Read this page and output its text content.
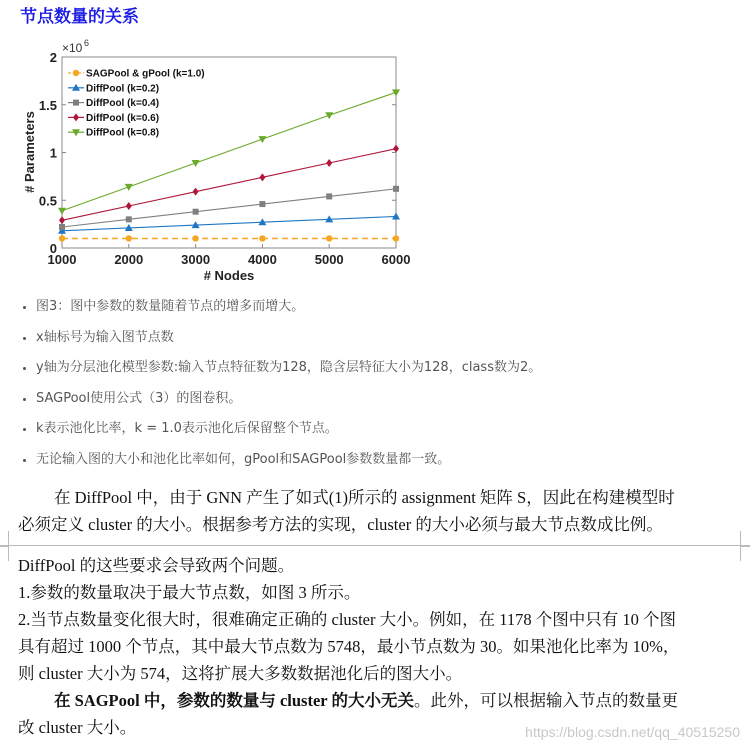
节点数量的关系
1000	2000	3000	4000	5000	6000
0
0.5
1
1.5
2
×10 6
# Nodes
# Parameters
SAGPool & gPool (k=1.0)
DiffPool (k=0.2)
DiffPool (k=0.4)
DiffPool (k=0.6)
DiffPool (k=0.8)
• 图3：图中参数的数量随着节点的增多而增大。
• x轴标号为输入图节点数
• y轴为分层池化模型参数:输入节点特征数为128，隐含层特征大小为128，class数为2。
• SAGPool使用公式（3）的图卷积。
• k表示池化比率，k = 1.0表示池化后保留整个节点。
• 无论输入图的大小和池化比率如何，gPool和SAGPool参数数量都一致。
在 DiffPool 中，由于 GNN 产生了如式(1)所示的 assignment 矩阵 S，因此在构建模型时
必须定义 cluster 的大小。根据参考方法的实现，cluster 的大小必须与最大节点数成比例。
DiffPool 的这些要求会导致两个问题。
1.参数的数量取决于最大节点数，如图 3 所示。
2.当节点数量变化很大时，很难确定正确的 cluster 大小。例如，在 1178 个图中只有 10 个图
具有超过 1000 个节点，其中最大节点数为 5748，最小节点数为 30。如果池化比率为 10%，
则 cluster 大小为 574，这将扩展大多数数据池化后的图大小。
在 SAGPool 中，参数的数量与 cluster 的大小无关。此外，可以根据输入节点的数量更
改 cluster 大小。	https://blog.csdn.net/qq_40515250
